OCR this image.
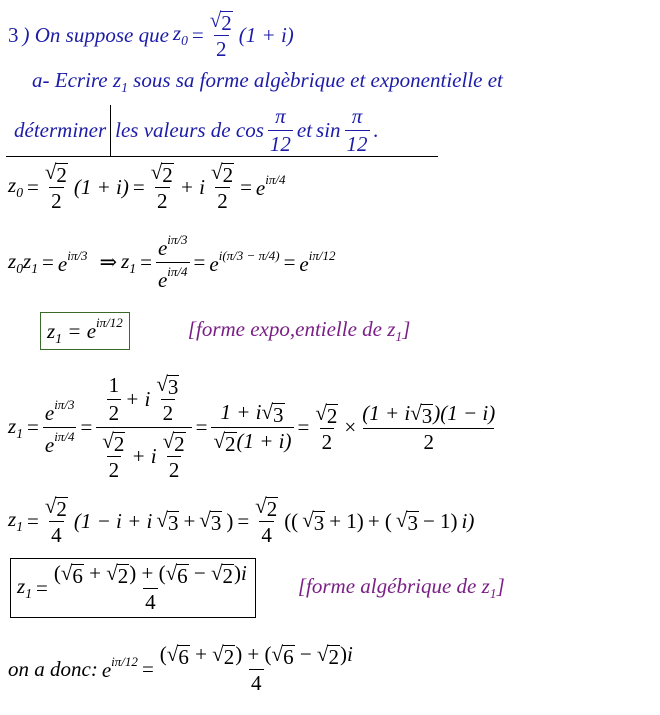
3 ) On suppose que $z_0 = \frac{√ 2}{2} (1 + i)$
a- Ecrire $z_1$ sous sa forme algèbrique et exponentielle et
déterminer les valeurs de cos
π
12
et sin
π
12
.
$z_0 = \frac{√ 2}{2} (1 + i) = \frac{√ 2}{2} + i \frac{√ 2}{2} = e^{i\pi/4}$
$z_0z_1 = e^{i\pi/3}$ ⇒ $z_1$ =
$e^{i\pi/3}$
$e^{i\pi/4} = e^{i(\pi/3 - \pi/4)} = e^{i\pi/12}$
$z_1 = e^{i\pi/12}$	[forme expo,entielle de $z_1$]
$z_1$ =
$e^{i\pi/3}$
$e^{i\pi/4} = 1$
2
+ i
√ 3
2
√ 2
2
+ i
√ 2
$2 = \frac{1 + i √ 3}{√ 2 (1 + i)} = \frac{√ 2}{2} \times \frac{(1 + i √ 3 )(1 - i)}{2}$
$z_1 = \frac{√ 2}{4} (1 - i + i$ √ 3 + √ 3 ) = $\frac{√ 2}{4}$ (( √ 3 + 1) + ( √ 3 − 1) i)
$z_1 = \frac{( √ 6 + √ 2 ) + ( √ 6 - √ 2 )i}{4}$ [forme algébrique de $z_1$]
on a donc: $e^{i\pi/12} = \frac{( √ 6 + √ 2 ) + ( √ 6 - √ 2 )i}{4}$
